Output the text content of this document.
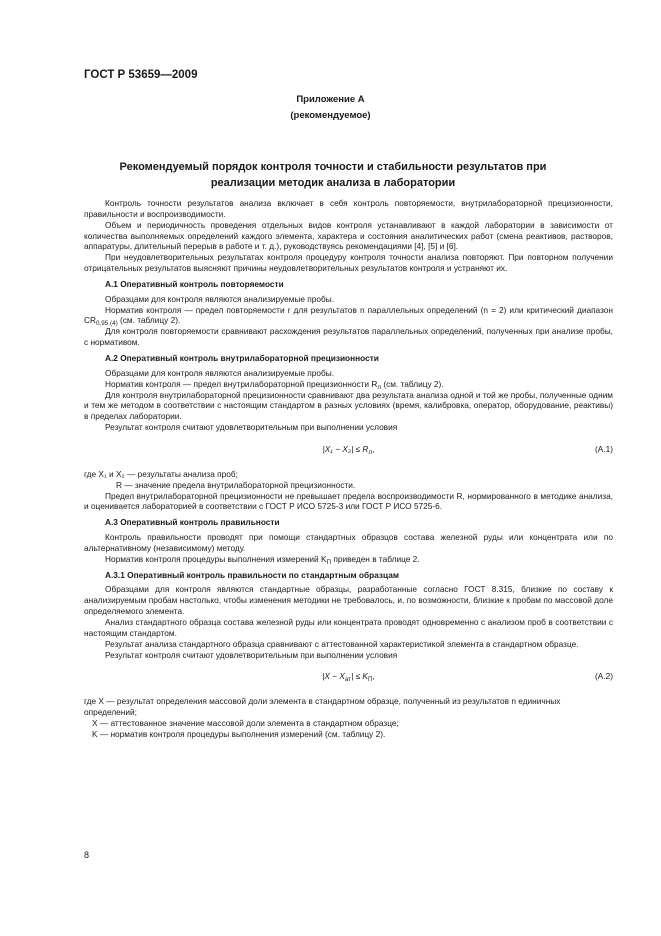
ГОСТ Р 53659—2009
Приложение А
(рекомендуемое)
Рекомендуемый порядок контроля точности и стабильности результатов при реализации методик анализа в лаборатории

Контроль точности результатов анализа включает в себя контроль повторяемости, внутрилабораторной прецизионности, правильности и воспроизводимости.

Объем и периодичность проведения отдельных видов контроля устанавливают в каждой лаборатории в зависимости от количества выполняемых определений каждого элемента, характера и состояния аналитических работ (смена реактивов, растворов, аппаратуры, длительный перерыв в работе и т. д.), руководствуясь рекомендациями [4], [5] и [6].

При неудовлетворительных результатах контроля процедуру контроля точности анализа повторяют. При повторном получении отрицательных результатов выясняют причины неудовлетворительных результатов контроля и устраняют их.

А.1 Оперативный контроль повторяемости

Образцами для контроля являются анализируемые пробы.

Норматив контроля — предел повторяемости r для результатов n параллельных определений (n = 2) или критический диапазон $CR_{0,95 (4)}$ (см. таблицу 2).

Для контроля повторяемости сравнивают расхождения результатов параллельных определений, полученных при анализе пробы, с нормативом.

А.2 Оперативный контроль внутрилабораторной прецизионности

Образцами для контроля являются анализируемые пробы.

Норматив контроля — предел внутрилабораторной прецизионности $R_л$ (см. таблицу 2).

Для контроля внутрилабораторной прецизионности сравнивают два результата анализа одной и той же пробы, полученные одним и тем же методом в соответствии с настоящим стандартом в разных условиях (время, калибровка, оператор, оборудование, реактивы) в пределах лаборатории.

Результат контроля считают удовлетворительным при выполнении условия

$|X_1 - X_2| \le R_л$,	(А.1)

где X₁ и X₂ — результаты анализа проб;

R — значение предела внутрилабораторной прецизионности.

Предел внутрилабораторной прецизионности не превышает предела воспроизводимости R, нормированного в методике анализа, и оценивается лабораторией в соответствии с ГОСТ Р ИСО 5725-3 или ГОСТ Р ИСО 5725-6.

А.3 Оперативный контроль правильности

Контроль правильности проводят при помощи стандартных образцов состава железной руды или концентрата или по альтернативному (независимому) методу.

Норматив контроля процедуры выполнения измерений $K_П$ приведен в таблице 2.

А.3.1 Оперативный контроль правильности по стандартным образцам

Образцами для контроля являются стандартные образцы, разработанные согласно ГОСТ 8.315, близкие по составу к анализируемым пробам настолько, чтобы изменения методики не требовалось, и, по возможности, близкие к пробам по массовой доле определяемого элемента.

Анализ стандартного образца состава железной руды или концентрата проводят одновременно с анализом проб в соответствии с настоящим стандартом.

Результат анализа стандартного образца сравнивают с аттестованной характеристикой элемента в стандартном образце.

Результат контроля считают удовлетворительным при выполнении условия

$|X - X_{ат}| \le K_П$,	(А.2)

где X — результат определения массовой доли элемента в стандартном образце, полученный из результатов n единичных определений;

X — аттестованное значение массовой доли элемента в стандартном образце;

K — норматив контроля процедуры выполнения измерений (см. таблицу 2).

8
